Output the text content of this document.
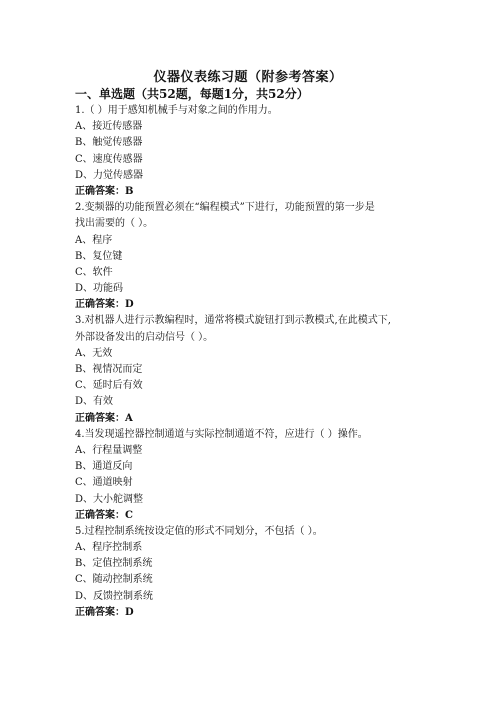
仪器仪表练习题（附参考答案）
一、单选题（共52题，每题1分，共52分）
1.（ ）用于感知机械手与对象之间的作用力。
A、接近传感器
B、触觉传感器
C、速度传感器
D、力觉传感器
正确答案：B
2.变频器的功能预置必须在“编程模式”下进行，功能预置的第一步是
找出需要的（ ）。
A、程序
B、复位键
C、软件
D、功能码
正确答案：D
3.对机器人进行示教编程时，通常将模式旋钮打到示教模式,在此模式下,
外部设备发出的启动信号（ ）。
A、无效
B、视情况而定
C、延时后有效
D、有效
正确答案：A
4.当发现遥控器控制通道与实际控制通道不符，应进行（ ）操作。
A、行程量调整
B、通道反向
C、通道映射
D、大小舵调整
正确答案：C
5.过程控制系统按设定值的形式不同划分，不包括（ ）。
A、程序控制系
B、定值控制系统
C、随动控制系统
D、反馈控制系统
正确答案：D
